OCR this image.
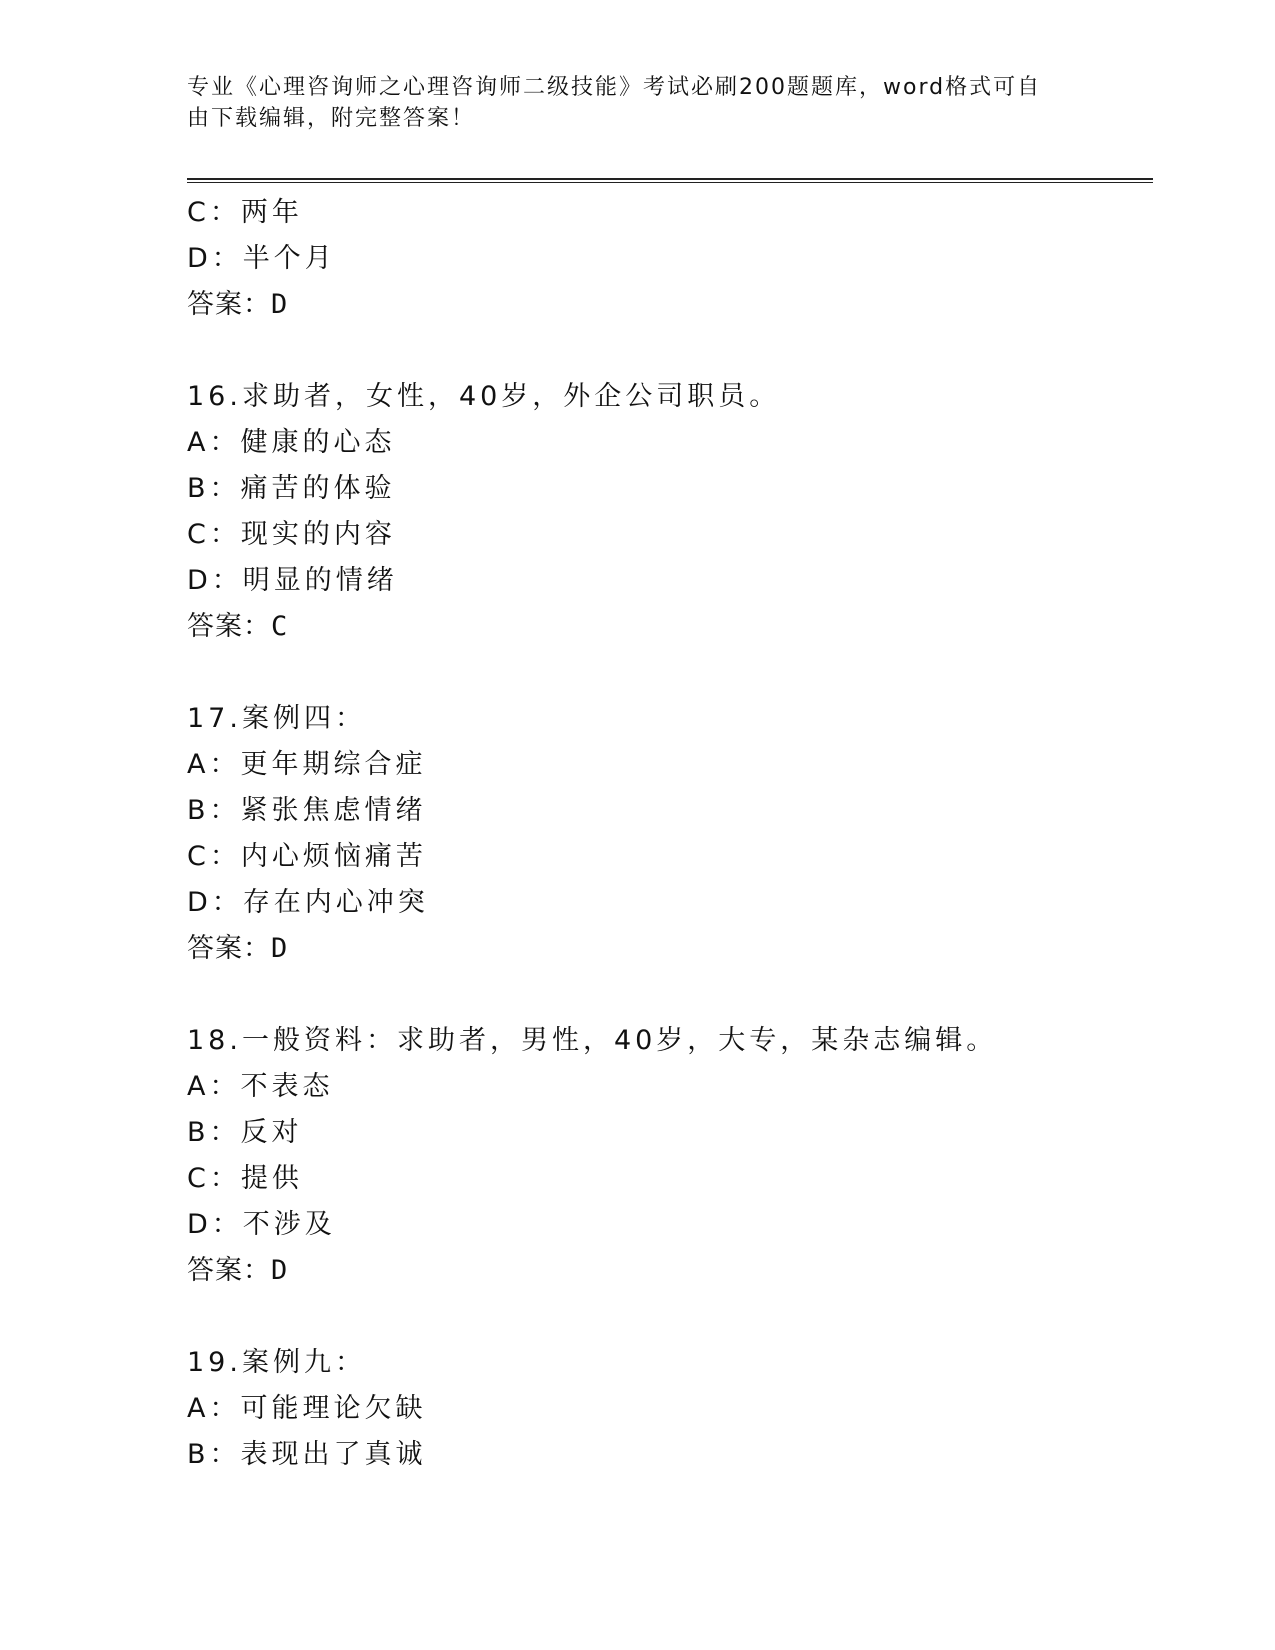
专业《心理咨询师之心理咨询师二级技能》考试必刷200题题库，word格式可自
由下载编辑，附完整答案！
C：两年
D：半个月
答案：D
16.求助者，女性，40岁，外企公司职员。
A：健康的心态
B：痛苦的体验
C：现实的内容
D：明显的情绪
答案：C
17.案例四：
A：更年期综合症
B：紧张焦虑情绪
C：内心烦恼痛苦
D：存在内心冲突
答案：D
18.一般资料：求助者，男性，40岁，大专，某杂志编辑。
A：不表态
B：反对
C：提供
D：不涉及
答案：D
19.案例九：
A：可能理论欠缺
B：表现出了真诚
